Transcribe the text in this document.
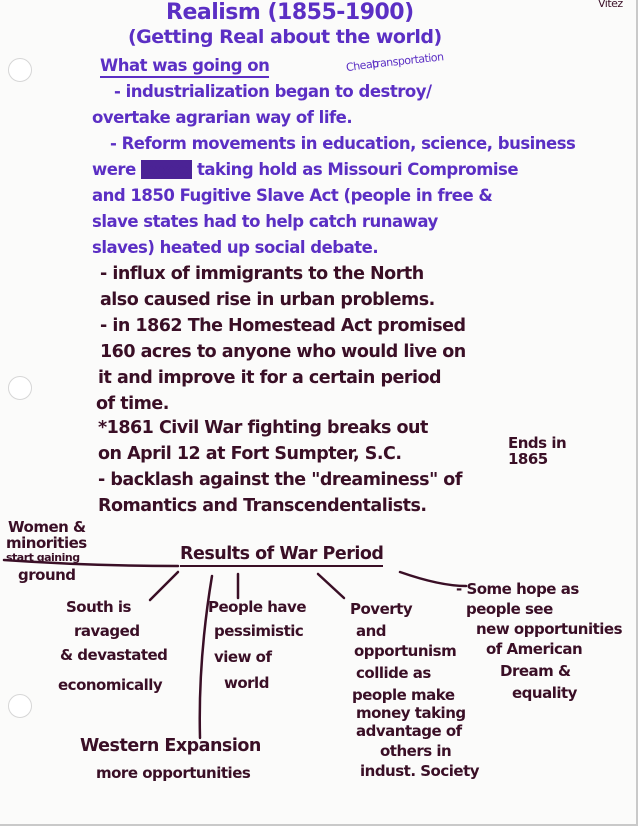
Vitez
Realism (1855-1900)
(Getting Real about the world)
What was going on	Cheap
transportation
- industrialization began to destroy/
overtake agrarian way of life.
- Reform movements in education, science, business
were xxxxx taking hold as Missouri Compromise
and 1850 Fugitive Slave Act (people in free &
slave states had to help catch runaway
slaves) heated up social debate.
- influx of immigrants to the North
also caused rise in urban problems.
- in 1862 The Homestead Act promised
160 acres to anyone who would live on
it and improve it for a certain period
of time.
*1861 Civil War fighting breaks out
on April 12 at Fort Sumpter, S.C.
Ends in
1865
- backlash against the "dreaminess" of
Romantics and Transcendentalists.
Women &
minorities
start gaining
ground
Results of War Period
South is
ravaged
& devastated
economically
People have
pessimistic
view of
world
Poverty
and
opportunism
collide as
people make
money taking
advantage of
others in
indust. Society
- Some hope as
people see
new opportunities
of American
Dream &
equality
Western Expansion
more opportunities
